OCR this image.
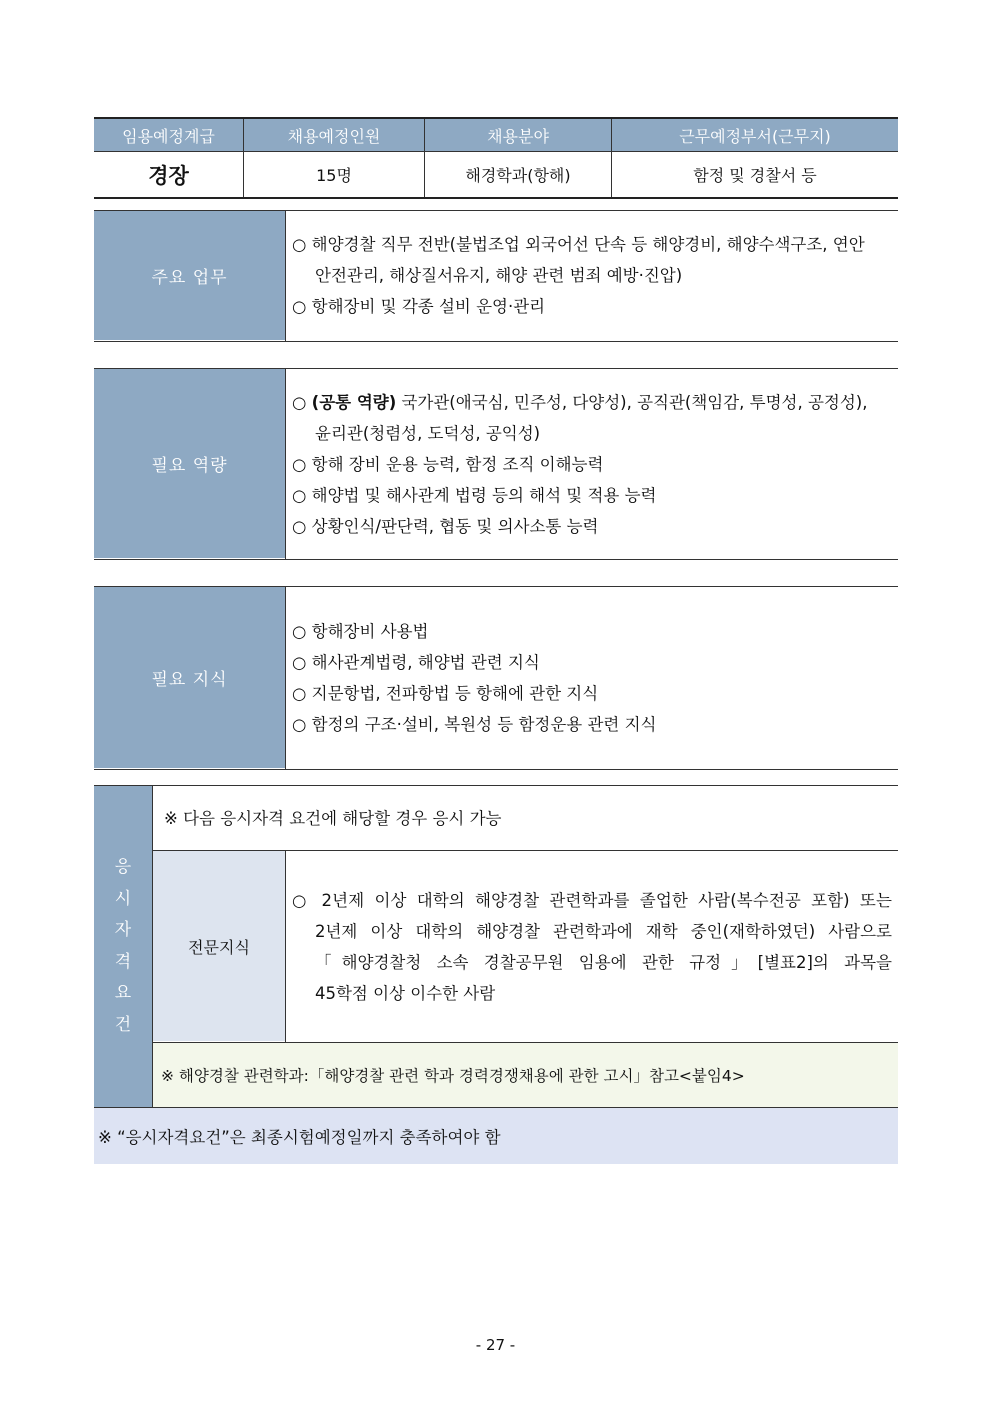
임용예정계급	채용예정인원	채용분야	근무예정부서(근무지)
경장	15명	해경학과(항해)	함정 및 경찰서 등
주요 업무
○ 해양경찰 직무 전반(불법조업 외국어선 단속 등 해양경비, 해양수색구조, 연안
안전관리, 해상질서유지, 해양 관련 범죄 예방·진압)
○ 항해장비 및 각종 설비 운영·관리
필요 역량
○ (공통 역량) 국가관(애국심, 민주성, 다양성), 공직관(책임감, 투명성, 공정성),
윤리관(청렴성, 도덕성, 공익성)
○ 항해 장비 운용 능력, 함정 조직 이해능력
○ 해양법 및 해사관계 법령 등의 해석 및 적용 능력
○ 상황인식/판단력, 협동 및 의사소통 능력
필요 지식
○ 항해장비 사용법
○ 해사관계법령, 해양법 관련 지식
○ 지문항법, 전파항법 등 항해에 관한 지식
○ 함정의 구조·설비, 복원성 등 함정운용 관련 지식
응
시
자
격
요
건
※ 다음 응시자격 요건에 해당할 경우 응시 가능
전문지식
○ 2년제 이상 대학의 해양경찰 관련학과를 졸업한 사람(복수전공 포함) 또는
2년제 이상 대학의 해양경찰 관련학과에 재학 중인(재학하였던) 사람으로
「해양경찰청 소속 경찰공무원 임용에 관한 규정」[별표2]의 과목을
45학점 이상 이수한 사람
※ 해양경찰 관련학과:「해양경찰 관련 학과 경력경쟁채용에 관한 고시」참고<붙임4>
※ “응시자격요건”은 최종시험예정일까지 충족하여야 함
- 27 -
